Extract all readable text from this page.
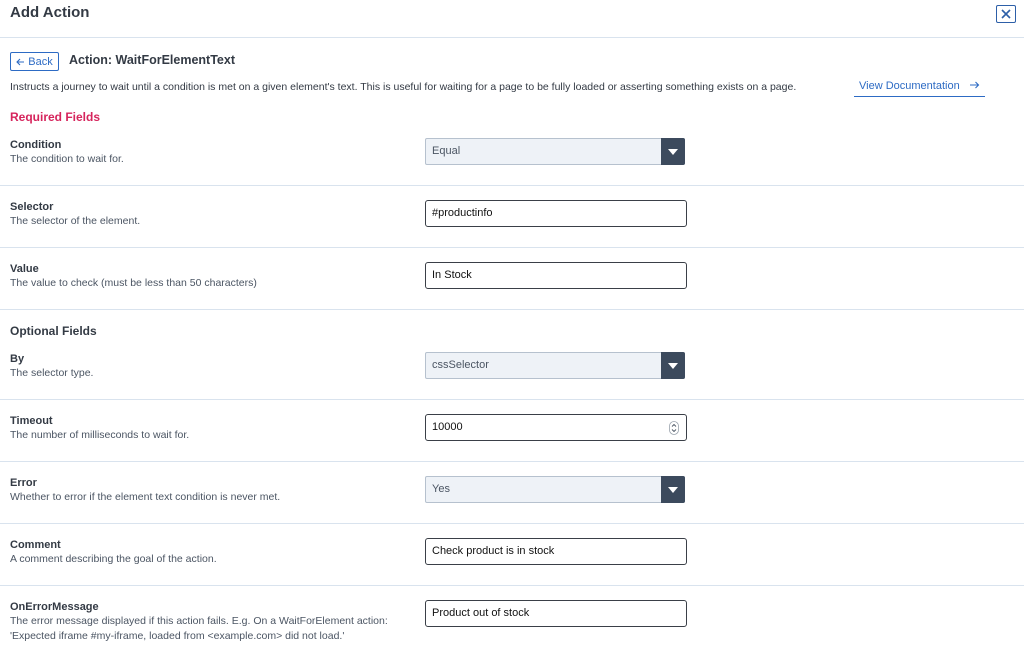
Add Action
Back Action: WaitForElementText
Instructs a journey to wait until a condition is met on a given element's text. This is useful for waiting for a page to be fully loaded or asserting something exists on a page.	View Documentation
Required Fields
Condition
The condition to wait for.
Equal
Selector
The selector of the element.
#productinfo
Value
The value to check (must be less than 50 characters)
In Stock
Optional Fields
By
The selector type.
cssSelector
Timeout
The number of milliseconds to wait for.
10000
Error
Whether to error if the element text condition is never met.
Yes
Comment
A comment describing the goal of the action.
Check product is in stock
OnErrorMessage
The error message displayed if this action fails. E.g. On a WaitForElement action:
'Expected iframe #my-iframe, loaded from <example.com> did not load.'
Product out of stock
